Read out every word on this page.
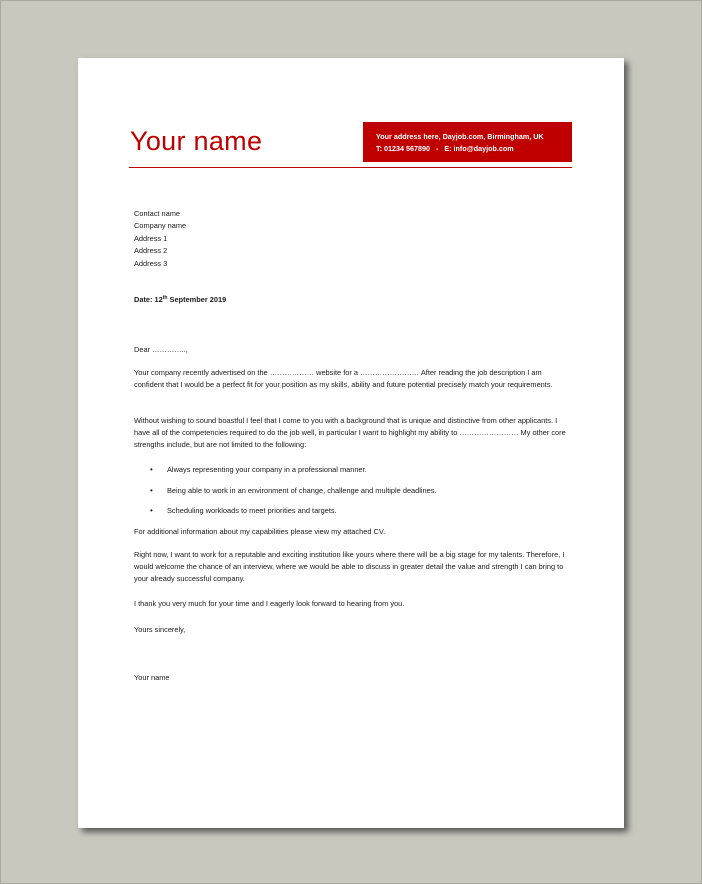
Your name	Your address here, Dayjob.com, Birmingham, UK
T: 01234 567890 - E: info@dayjob.com
Contact name
Company name
Address 1
Address 2
Address 3
Date: 12th September 2019
Dear …………..,

Your company recently advertised on the ……………… website for a …………………… After reading the job description I am confident that I would be a perfect fit for your position as my skills, ability and future potential precisely match your requirements.

Without wishing to sound boastful I feel that I come to you with a background that is unique and distinctive from other applicants. I have all of the competencies required to do the job well, in particular I want to highlight my ability to …………………… My other core strengths include, but are not limited to the following:

• Always representing your company in a professional manner.
• Being able to work in an environment of change, challenge and multiple deadlines.
• Scheduling workloads to meet priorities and targets.

For additional information about my capabilities please view my attached CV.

Right now, I want to work for a reputable and exciting institution like yours where there will be a big stage for my talents. Therefore, I would welcome the chance of an interview, where we would be able to discuss in greater detail the value and strength I can bring to your already successful company.

I thank you very much for your time and I eagerly look forward to hearing from you.

Yours sincerely,
Your name
